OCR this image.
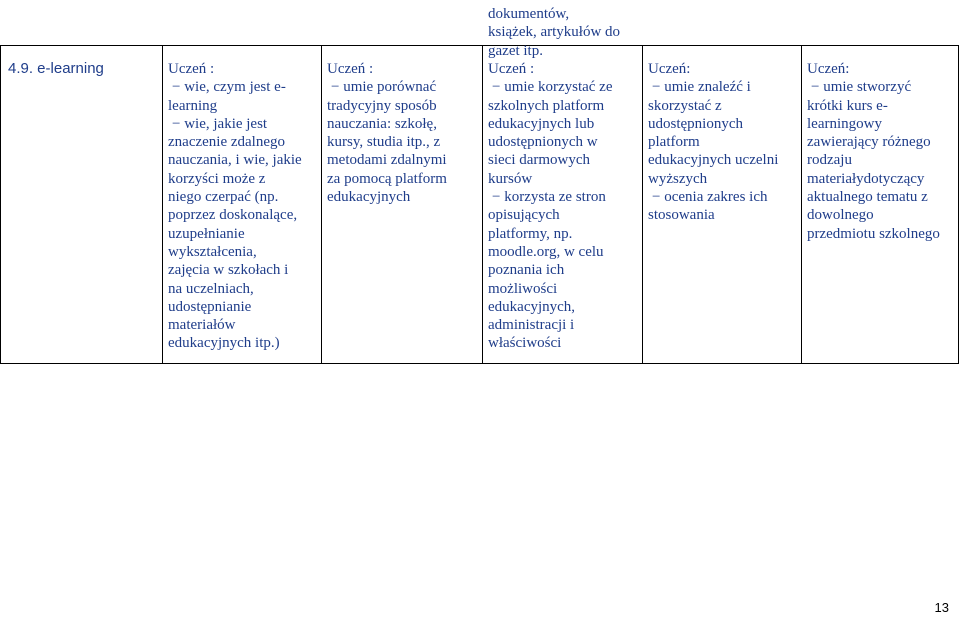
4.9. e-learning	Uczeń :
− wie, czym jest e-
learning
− wie, jakie jest
znaczenie zdalnego
nauczania, i wie, jakie
korzyści może z
niego czerpać (np.
poprzez doskonalące,
uzupełnianie
wykształcenia,
zajęcia w szkołach i
na uczelniach,
udostępnianie
materiałów
edukacyjnych itp.)
Uczeń :
− umie porównać
tradycyjny sposób
nauczania: szkołę,
kursy, studia itp., z
metodami zdalnymi
za pomocą platform
edukacyjnych
dokumentów,
książek, artykułów do
gazet itp.
Uczeń :
− umie korzystać ze
szkolnych platform
edukacyjnych lub
udostępnionych w
sieci darmowych
kursów
− korzysta ze stron
opisujących
platformy, np.
moodle.org, w celu
poznania ich
możliwości
edukacyjnych,
administracji i
właściwości
Uczeń:
− umie znaleźć i
skorzystać z
udostępnionych
platform
edukacyjnych uczelni
wyższych
− ocenia zakres ich
stosowania
Uczeń:
− umie stworzyć
krótki kurs e-
learningowy
zawierający różnego
rodzaju
materiałydotyczący
aktualnego tematu z
dowolnego
przedmiotu szkolnego
13
